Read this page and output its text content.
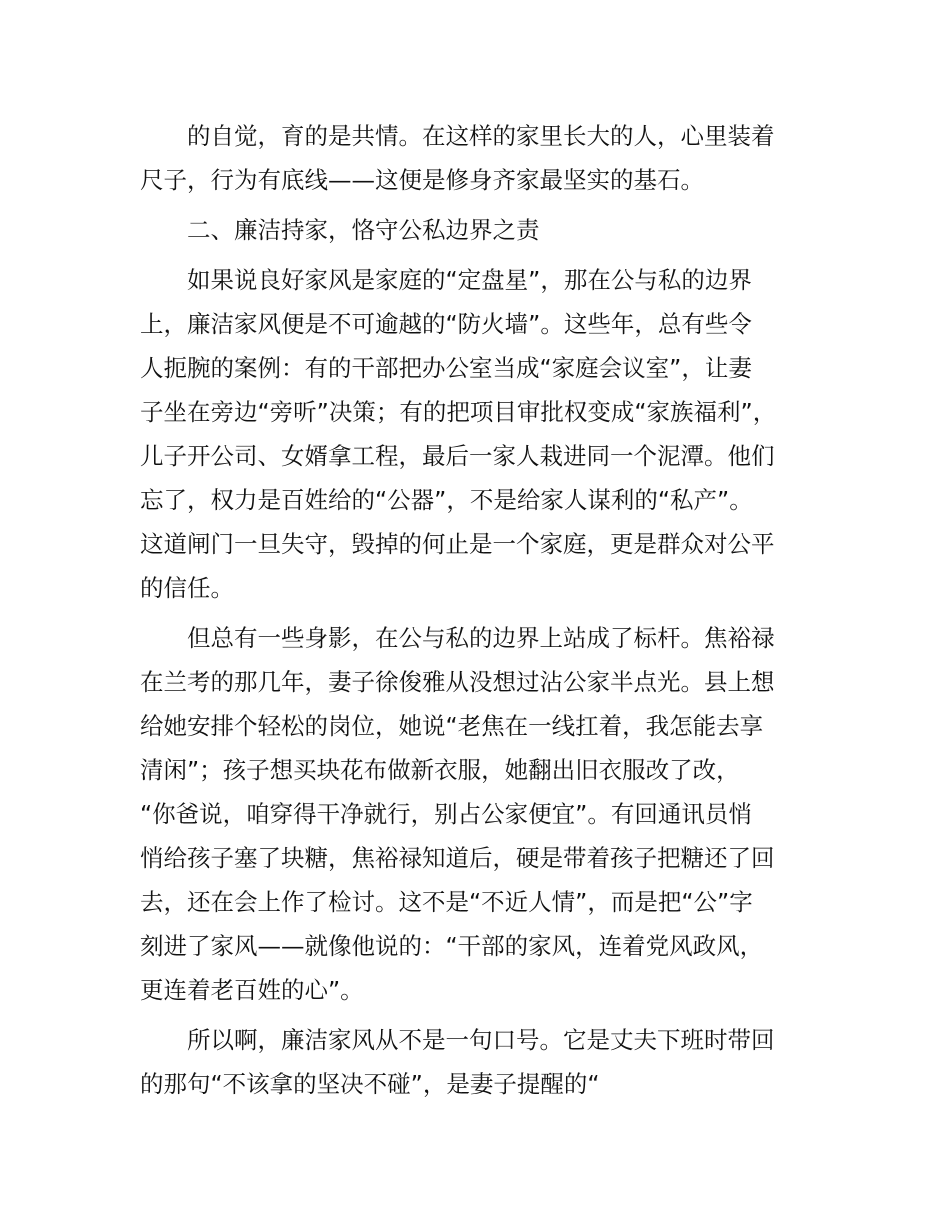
的自觉，育的是共情。在这样的家里长大的人，心里装着
尺子，行为有底线——这便是修身齐家最坚实的基石。
二、廉洁持家，恪守公私边界之责
如果说良好家风是家庭的“定盘星”，那在公与私的边界
上，廉洁家风便是不可逾越的“防火墙”。这些年，总有些令
人扼腕的案例：有的干部把办公室当成“家庭会议室”，让妻
子坐在旁边“旁听”决策；有的把项目审批权变成“家族福利”，
儿子开公司、女婿拿工程，最后一家人栽进同一个泥潭。他们
忘了，权力是百姓给的“公器”，不是给家人谋利的“私产”。
这道闸门一旦失守，毁掉的何止是一个家庭，更是群众对公平
的信任。
但总有一些身影，在公与私的边界上站成了标杆。焦裕禄
在兰考的那几年，妻子徐俊雅从没想过沾公家半点光。县上想
给她安排个轻松的岗位，她说“老焦在一线扛着，我怎能去享
清闲”；孩子想买块花布做新衣服，她翻出旧衣服改了改，
“你爸说，咱穿得干净就行，别占公家便宜”。有回通讯员悄
悄给孩子塞了块糖，焦裕禄知道后，硬是带着孩子把糖还了回
去，还在会上作了检讨。这不是“不近人情”，而是把“公”字
刻进了家风——就像他说的：“干部的家风，连着党风政风，
更连着老百姓的心”。
所以啊，廉洁家风从不是一句口号。它是丈夫下班时带回
的那句“不该拿的坚决不碰”，是妻子提醒的“
